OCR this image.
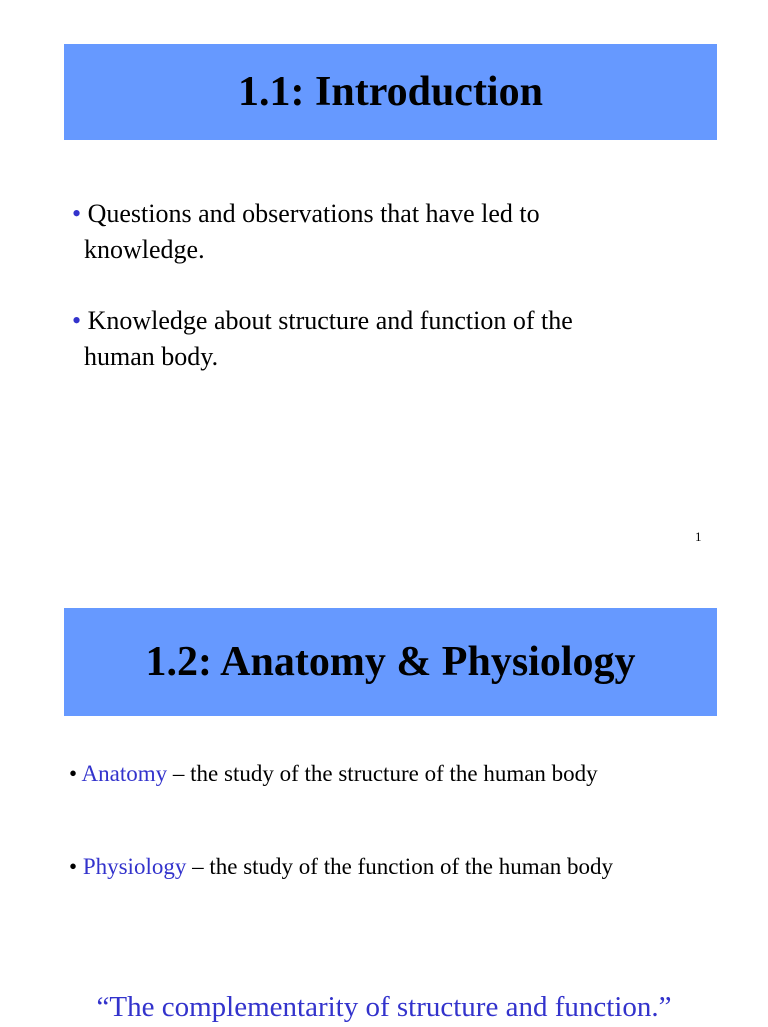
1.1: Introduction
• Questions and observations that have led to
knowledge.
• Knowledge about structure and function of the
human body.
1
1.2: Anatomy & Physiology
• Anatomy – the study of the structure of the human body
• Physiology – the study of the function of the human body
“The complementarity of structure and function.”
